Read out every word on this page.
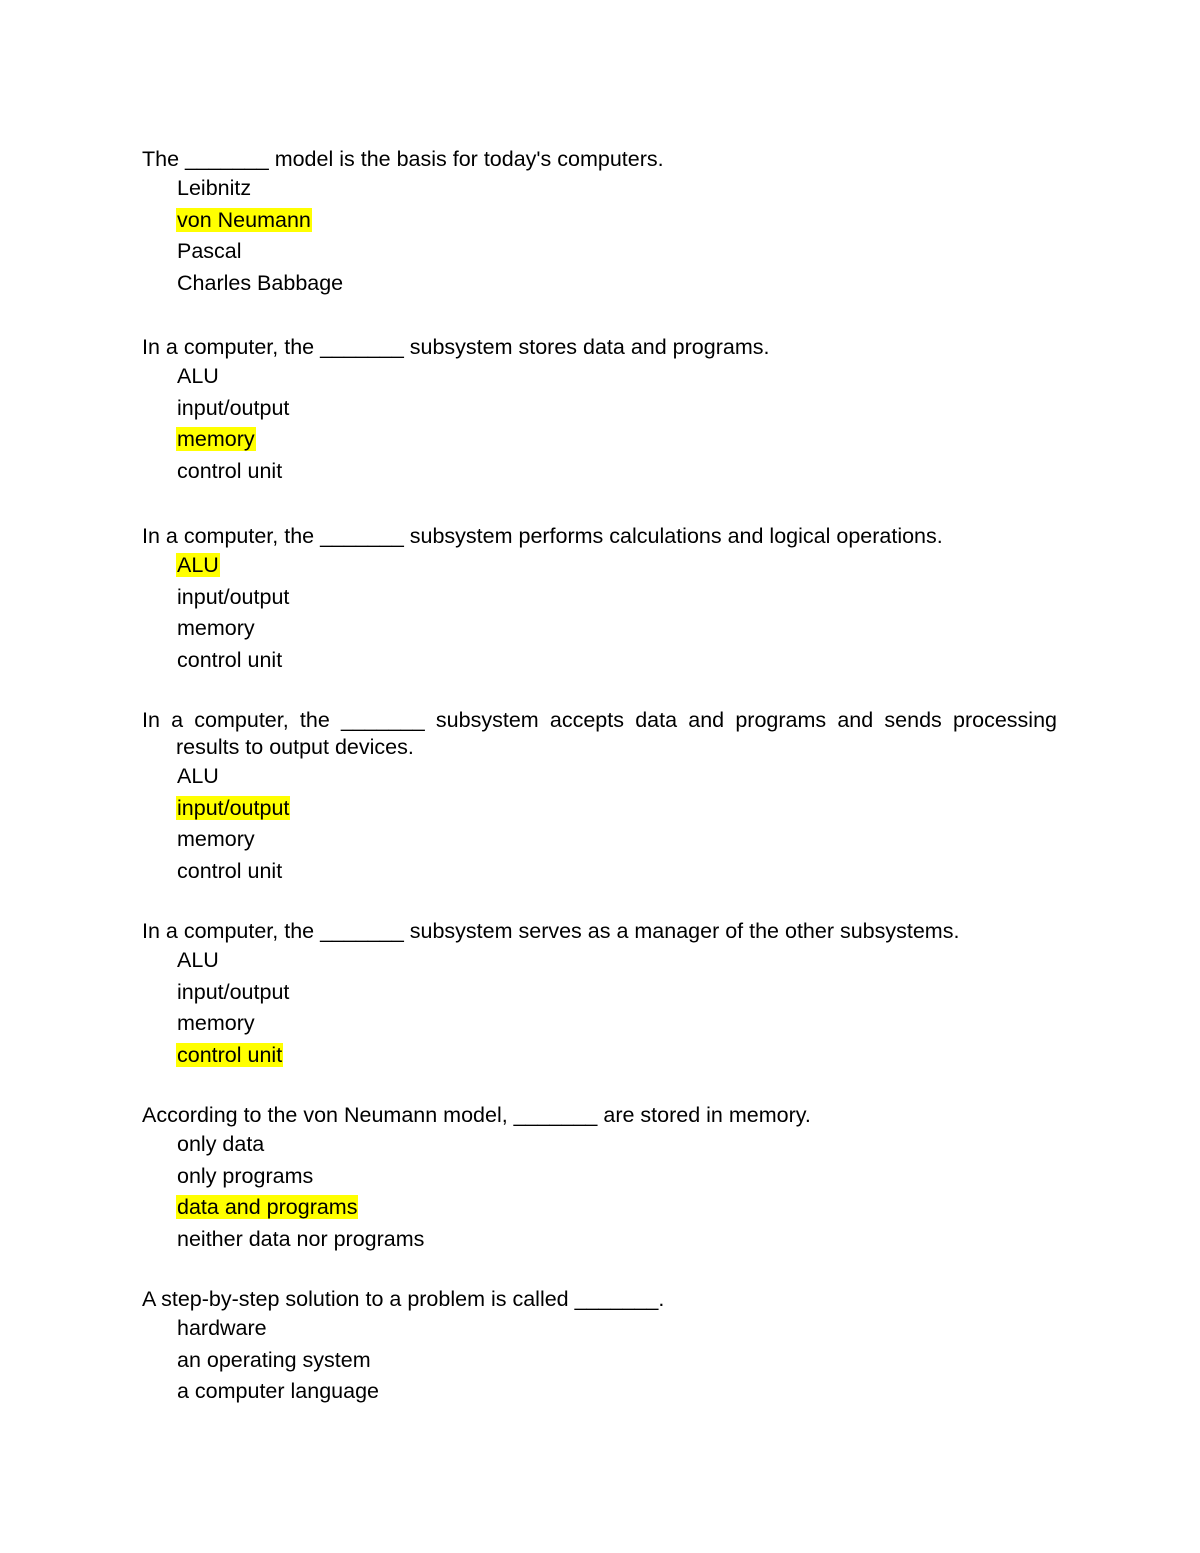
The _______ model is the basis for today's computers.

Leibnitz
von Neumann
Pascal
Charles Babbage

In a computer, the _______ subsystem stores data and programs.

ALU
input/output
memory
control unit

In a computer, the _______ subsystem performs calculations and logical operations.

ALU
input/output
memory
control unit

In a computer, the _______ subsystem accepts data and programs and sends processing results to output devices.

ALU
input/output
memory
control unit

In a computer, the _______ subsystem serves as a manager of the other subsystems.

ALU
input/output
memory
control unit

According to the von Neumann model, _______ are stored in memory.

only data
only programs
data and programs
neither data nor programs

A step-by-step solution to a problem is called _______.

hardware
an operating system
a computer language
